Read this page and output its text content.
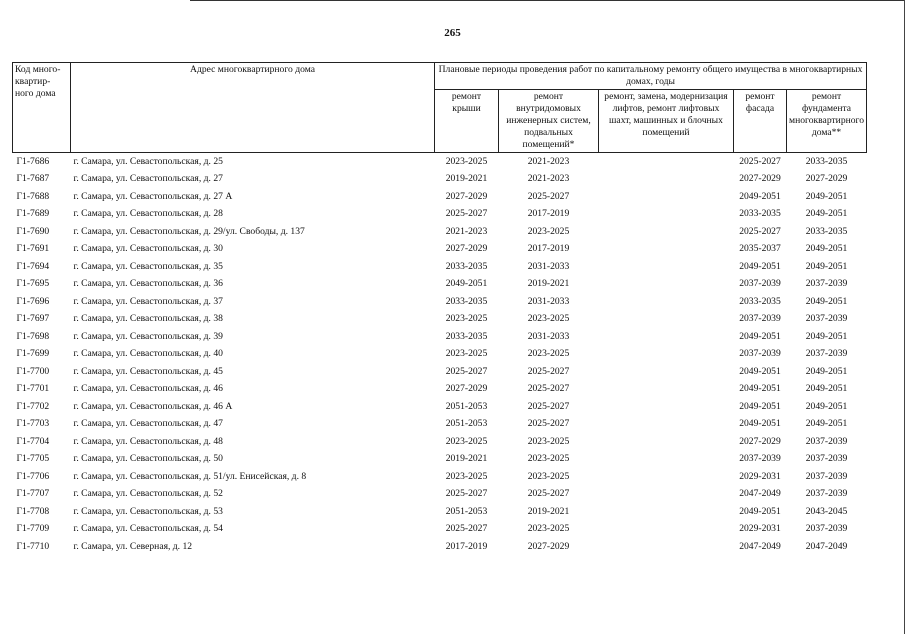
265
Код много-квартир-ного дома	Адрес многоквартирного дома	Плановые периоды проведения работ по капитальному ремонту общего имущества в многоквартирных домах, годы				
		ремонт крыши	ремонт внутридомовых инженерных систем, подвальных помещений*	ремонт, замена, модернизация лифтов, ремонт лифтовых шахт, машинных и блочных помещений	ремонт фасада	ремонт фундамента многоквартирного дома**
Г1-7686	г. Самара, ул. Севастопольская, д. 25	2023-2025	2021-2023		2025-2027	2033-2035
Г1-7687	г. Самара, ул. Севастопольская, д. 27	2019-2021	2021-2023		2027-2029	2027-2029
Г1-7688	г. Самара, ул. Севастопольская, д. 27 А	2027-2029	2025-2027		2049-2051	2049-2051
Г1-7689	г. Самара, ул. Севастопольская, д. 28	2025-2027	2017-2019		2033-2035	2049-2051
Г1-7690	г. Самара, ул. Севастопольская, д. 29/ул. Свободы, д. 137	2021-2023	2023-2025		2025-2027	2033-2035
Г1-7691	г. Самара, ул. Севастопольская, д. 30	2027-2029	2017-2019		2035-2037	2049-2051
Г1-7694	г. Самара, ул. Севастопольская, д. 35	2033-2035	2031-2033		2049-2051	2049-2051
Г1-7695	г. Самара, ул. Севастопольская, д. 36	2049-2051	2019-2021		2037-2039	2037-2039
Г1-7696	г. Самара, ул. Севастопольская, д. 37	2033-2035	2031-2033		2033-2035	2049-2051
Г1-7697	г. Самара, ул. Севастопольская, д. 38	2023-2025	2023-2025		2037-2039	2037-2039
Г1-7698	г. Самара, ул. Севастопольская, д. 39	2033-2035	2031-2033		2049-2051	2049-2051
Г1-7699	г. Самара, ул. Севастопольская, д. 40	2023-2025	2023-2025		2037-2039	2037-2039
Г1-7700	г. Самара, ул. Севастопольская, д. 45	2025-2027	2025-2027		2049-2051	2049-2051
Г1-7701	г. Самара, ул. Севастопольская, д. 46	2027-2029	2025-2027		2049-2051	2049-2051
Г1-7702	г. Самара, ул. Севастопольская, д. 46 А	2051-2053	2025-2027		2049-2051	2049-2051
Г1-7703	г. Самара, ул. Севастопольская, д. 47	2051-2053	2025-2027		2049-2051	2049-2051
Г1-7704	г. Самара, ул. Севастопольская, д. 48	2023-2025	2023-2025		2027-2029	2037-2039
Г1-7705	г. Самара, ул. Севастопольская, д. 50	2019-2021	2023-2025		2037-2039	2037-2039
Г1-7706	г. Самара, ул. Севастопольская, д. 51/ул. Енисейская, д. 8	2023-2025	2023-2025		2029-2031	2037-2039
Г1-7707	г. Самара, ул. Севастопольская, д. 52	2025-2027	2025-2027		2047-2049	2037-2039
Г1-7708	г. Самара, ул. Севастопольская, д. 53	2051-2053	2019-2021		2049-2051	2043-2045
Г1-7709	г. Самара, ул. Севастопольская, д. 54	2025-2027	2023-2025		2029-2031	2037-2039
Г1-7710	г. Самара, ул. Северная, д. 12	2017-2019	2027-2029		2047-2049	2047-2049
